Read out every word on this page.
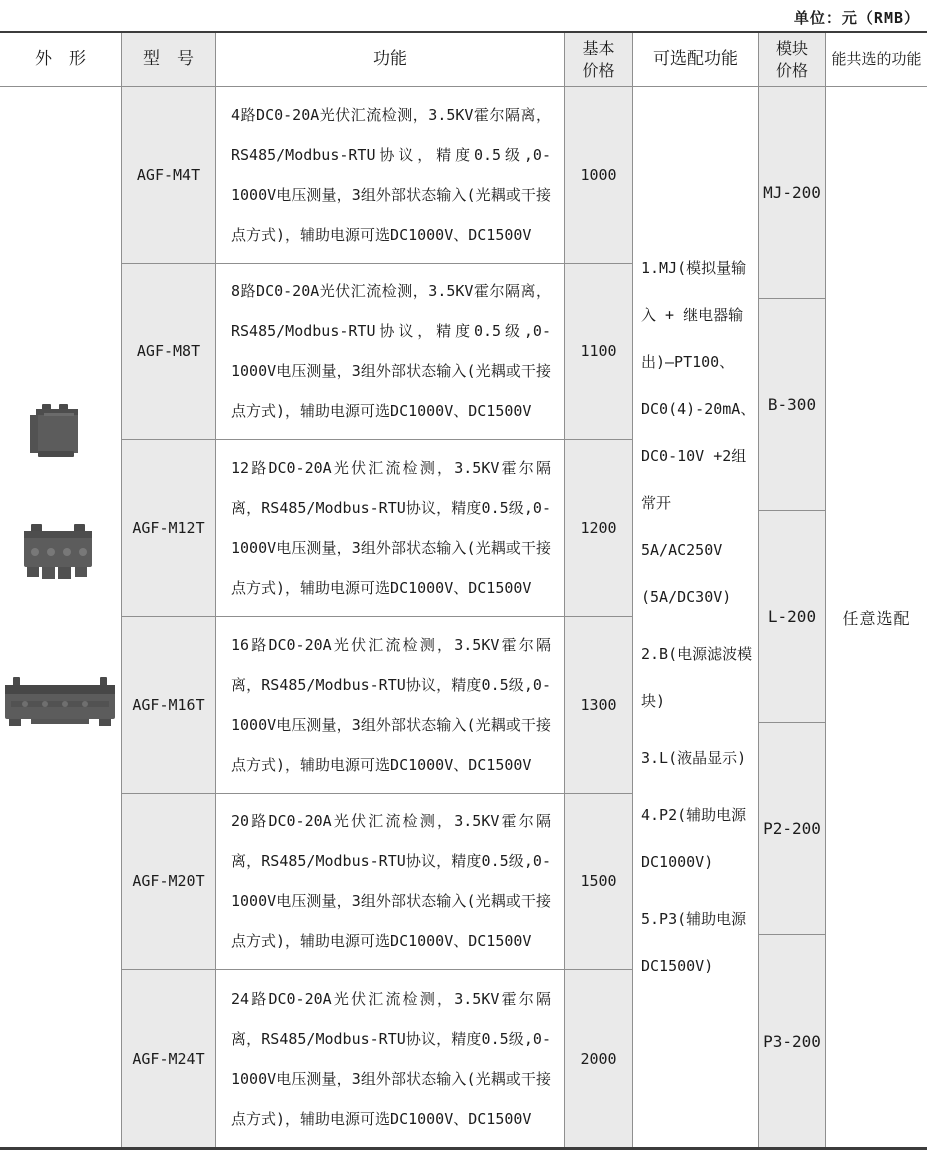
单位：元（RMB）
外　形	型　号	功能
基本
价格
可选配功能
模块
价格
能共选的功能
AGF-M4T
AGF-M8T
AGF-M12T
AGF-M16T
AGF-M20T
AGF-M24T
4路DC0-20A光伏汇流检测，3.5KV霍尔隔离，RS485/Modbus-RTU协议，精度0.5级,0-1000V电压测量，3组外部状态输入(光耦或干接点方式)，辅助电源可选DC1000V、DC1500V
8路DC0-20A光伏汇流检测，3.5KV霍尔隔离，RS485/Modbus-RTU协议，精度0.5级,0-1000V电压测量，3组外部状态输入(光耦或干接点方式)，辅助电源可选DC1000V、DC1500V
12路DC0-20A光伏汇流检测，3.5KV霍尔隔离，RS485/Modbus-RTU协议，精度0.5级,0-1000V电压测量，3组外部状态输入(光耦或干接点方式)，辅助电源可选DC1000V、DC1500V
16路DC0-20A光伏汇流检测，3.5KV霍尔隔离，RS485/Modbus-RTU协议，精度0.5级,0-1000V电压测量，3组外部状态输入(光耦或干接点方式)，辅助电源可选DC1000V、DC1500V
20路DC0-20A光伏汇流检测，3.5KV霍尔隔离，RS485/Modbus-RTU协议，精度0.5级,0-1000V电压测量，3组外部状态输入(光耦或干接点方式)，辅助电源可选DC1000V、DC1500V
24路DC0-20A光伏汇流检测，3.5KV霍尔隔离，RS485/Modbus-RTU协议，精度0.5级,0-1000V电压测量，3组外部状态输入(光耦或干接点方式)，辅助电源可选DC1000V、DC1500V
1000
1100
1200
1300
1500
2000

1.MJ(模拟量输入 + 继电器输出)—PT100、DC0(4)-20mA、DC0-10V +2组常开 5A/AC250V (5A/DC30V)

2.B(电源滤波模块)

3.L(液晶显示)

4.P2(辅助电源 DC1000V)

5.P3(辅助电源 DC1500V)

MJ-200
B-300
L-200
P2-200
P3-200
任意选配
